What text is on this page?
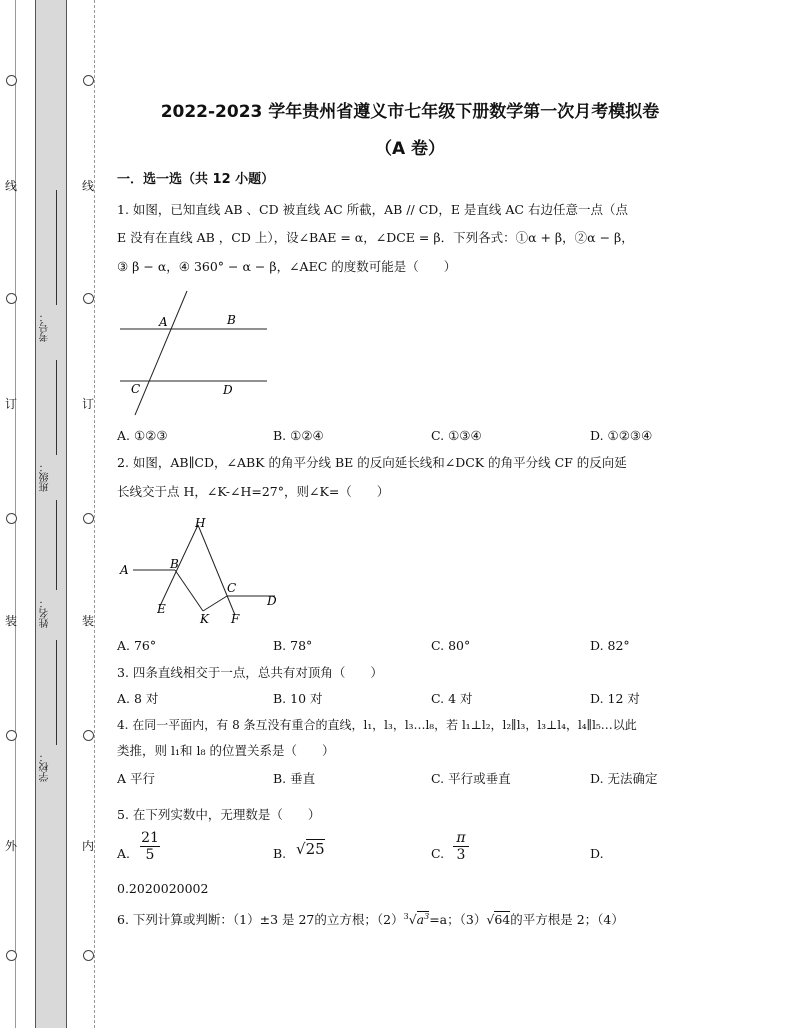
线
订
装
外
线
订
装
内
考号：
班级：
姓名：
学校：
2022-2023 学年贵州省遵义市七年级下册数学第一次月考模拟卷
（A 卷）
一．选一选（共 12 小题）
1. 如图，已知直线 AB 、CD 被直线 AC 所截，AB // CD，E 是直线 AC 右边任意一点（点
E 没有在直线 AB ，CD 上），设∠BAE = α，∠DCE = β．下列各式：①α + β，②α − β，
③ β − α，④ 360° − α − β，∠AEC 的度数可能是（　　）
A	B
C	D
A. ①②③	B. ①②④	C. ①③④	D. ①②③④
2. 如图，AB∥CD，∠ABK 的角平分线 BE 的反向延长线和∠DCK 的角平分线 CF 的反向延
长线交于点 H，∠K-∠H=27°，则∠K=（　　）
H
A	B
C
D
E
K F
A. 76°	B. 78°	C. 80°	D. 82°
3. 四条直线相交于一点，总共有对顶角（　　）
A. 8 对	B. 10 对	C. 4 对	D. 12 对
4. 在同一平面内，有 8 条互没有重合的直线，l₁，l₃，l₃…l₈，若 l₁⊥l₂，l₂∥l₃，l₃⊥l₄，l₄∥l₅…以此
类推，则 l₁和 l₈ 的位置关系是（　　）
A 平行	B. 垂直	C. 平行或垂直	D. 无法确定
5. 在下列实数中，无理数是（　　）
A. $\frac{21}{5}$	B. √25	C. $\frac{\pi}{3}$	D.
0.2020020002
6. 下列计算或判断：（1）±3 是 27的立方根；$(2)^3√a^3=a$；（3）√64的平方根是 2；（4）
